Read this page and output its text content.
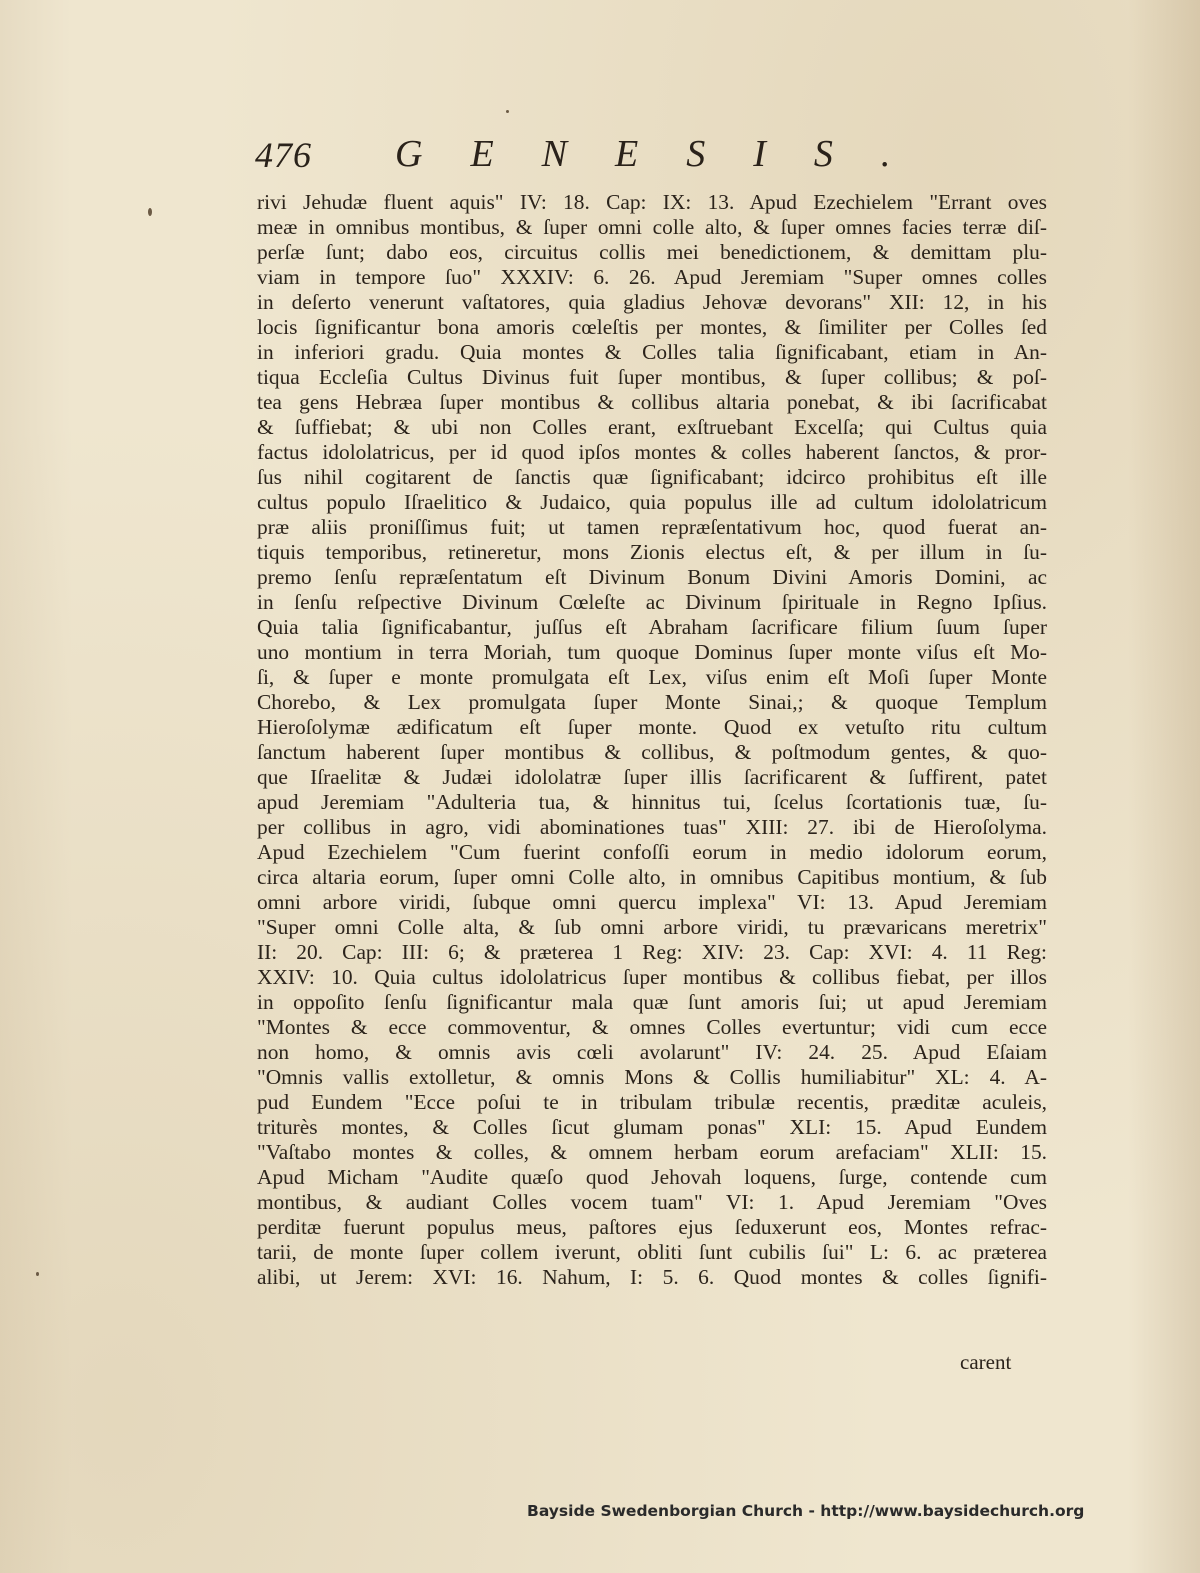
476 GENESIS.
rivi Jehudæ fluent aquis" IV: 18. Cap: IX: 13. Apud Ezechielem "Errant oves
meæ in omnibus montibus, & ſuper omni colle alto, & ſuper omnes facies terræ diſ-
perſæ ſunt; dabo eos, circuitus collis mei benedictionem, & demittam plu-
viam in tempore ſuo" XXXIV: 6. 26. Apud Jeremiam "Super omnes colles
in deſerto venerunt vaſtatores, quia gladius Jehovæ devorans" XII: 12, in his
locis ſignificantur bona amoris cœleſtis per montes, & ſimiliter per Colles ſed
in inferiori gradu. Quia montes & Colles talia ſignificabant, etiam in An-
tiqua Eccleſia Cultus Divinus fuit ſuper montibus, & ſuper collibus; & poſ-
tea gens Hebræa ſuper montibus & collibus altaria ponebat, & ibi ſacrificabat
& ſuffiebat; & ubi non Colles erant, exſtruebant Excelſa; qui Cultus quia
factus idololatricus, per id quod ipſos montes & colles haberent ſanctos, & pror-
ſus nihil cogitarent de ſanctis quæ ſignificabant; idcirco prohibitus eſt ille
cultus populo Iſraelitico & Judaico, quia populus ille ad cultum idololatricum
præ aliis proniſſimus fuit; ut tamen repræſentativum hoc, quod fuerat an-
tiquis temporibus, retineretur, mons Zionis electus eſt, & per illum in ſu-
premo ſenſu repræſentatum eſt Divinum Bonum Divini Amoris Domini, ac
in ſenſu reſpective Divinum Cœleſte ac Divinum ſpirituale in Regno Ipſius.
Quia talia ſignificabantur, juſſus eſt Abraham ſacrificare filium ſuum ſuper
uno montium in terra Moriah, tum quoque Dominus ſuper monte viſus eſt Mo-
ſi, & ſuper e monte promulgata eſt Lex, viſus enim eſt Moſi ſuper Monte
Chorebo, & Lex promulgata ſuper Monte Sinai,; & quoque Templum
Hieroſolymæ ædificatum eſt ſuper monte. Quod ex vetuſto ritu cultum
ſanctum haberent ſuper montibus & collibus, & poſtmodum gentes, & quo-
que Iſraelitæ & Judæi idololatræ ſuper illis ſacrificarent & ſuffirent, patet
apud Jeremiam "Adulteria tua, & hinnitus tui, ſcelus ſcortationis tuæ, ſu-
per collibus in agro, vidi abominationes tuas" XIII: 27. ibi de Hieroſolyma.
Apud Ezechielem "Cum fuerint confoſſi eorum in medio idolorum eorum,
circa altaria eorum, ſuper omni Colle alto, in omnibus Capitibus montium, & ſub
omni arbore viridi, ſubque omni quercu implexa" VI: 13. Apud Jeremiam
"Super omni Colle alta, & ſub omni arbore viridi, tu prævaricans meretrix"
II: 20. Cap: III: 6; & præterea 1 Reg: XIV: 23. Cap: XVI: 4. 11 Reg:
XXIV: 10. Quia cultus idololatricus ſuper montibus & collibus fiebat, per illos
in oppoſito ſenſu ſignificantur mala quæ ſunt amoris ſui; ut apud Jeremiam
"Montes & ecce commoventur, & omnes Colles evertuntur; vidi cum ecce
non homo, & omnis avis cœli avolarunt" IV: 24. 25. Apud Eſaiam
"Omnis vallis extolletur, & omnis Mons & Collis humiliabitur" XL: 4. A-
pud Eundem "Ecce poſui te in tribulam tribulæ recentis, præditæ aculeis,
triturès montes, & Colles ſicut glumam ponas" XLI: 15. Apud Eundem
"Vaſtabo montes & colles, & omnem herbam eorum arefaciam" XLII: 15.
Apud Micham "Audite quæſo quod Jehovah loquens, ſurge, contende cum
montibus, & audiant Colles vocem tuam" VI: 1. Apud Jeremiam "Oves
perditæ fuerunt populus meus, paſtores ejus ſeduxerunt eos, Montes refrac-
tarii, de monte ſuper collem iverunt, obliti ſunt cubilis ſui" L: 6. ac præterea
alibi, ut Jerem: XVI: 16. Nahum, I: 5. 6. Quod montes & colles ſignifi-
carent
Bayside Swedenborgian Church - http://www.baysidechurch.org
